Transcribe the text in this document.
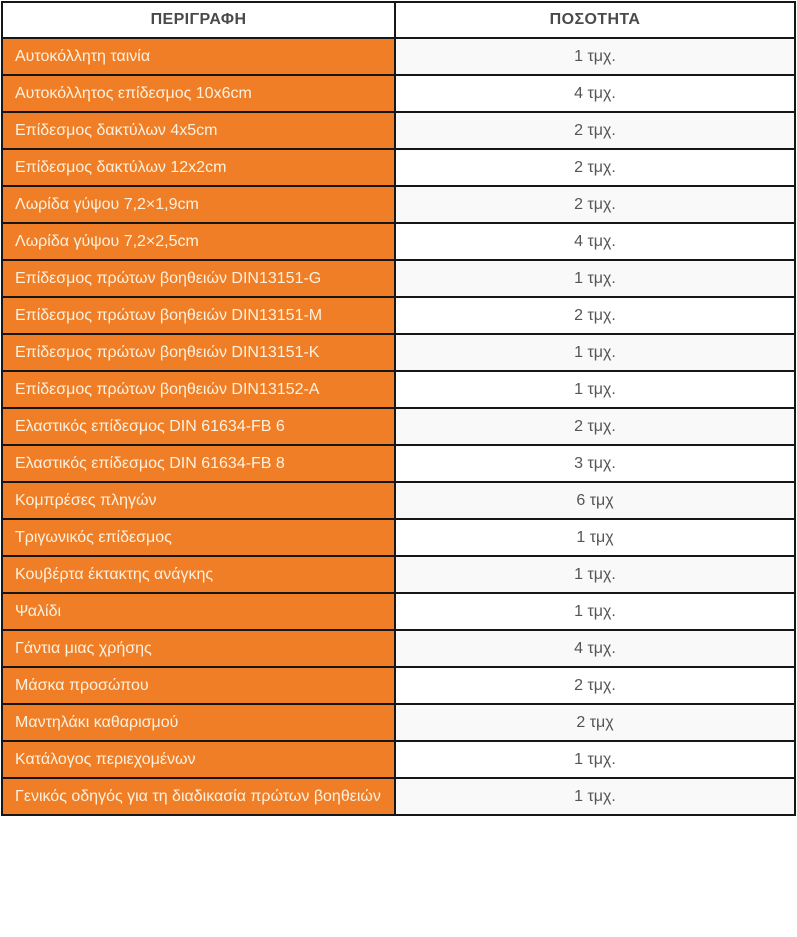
ΠΕΡΙΓΡΑΦΗ	ΠΟΣΟΤΗΤΑ
Αυτοκόλλητη ταινία	1 τμχ.
Αυτοκόλλητος επίδεσμος 10x6cm	4 τμχ.
Επίδεσμος δακτύλων 4x5cm	2 τμχ.
Επίδεσμος δακτύλων 12x2cm	2 τμχ.
Λωρίδα γύψου 7,2×1,9cm	2 τμχ.
Λωρίδα γύψου 7,2×2,5cm	4 τμχ.
Επίδεσμος πρώτων βοηθειών DIN13151-G	1 τμχ.
Επίδεσμος πρώτων βοηθειών DIN13151-M	2 τμχ.
Επίδεσμος πρώτων βοηθειών DIN13151-K	1 τμχ.
Επίδεσμος πρώτων βοηθειών DIN13152-A	1 τμχ.
Ελαστικός επίδεσμος DIN 61634-FB 6	2 τμχ.
Ελαστικός επίδεσμος DIN 61634-FB 8	3 τμχ.
Κομπρέσες πληγών	6 τμχ
Τριγωνικός επίδεσμος	1 τμχ
Κουβέρτα έκτακτης ανάγκης	1 τμχ.
Ψαλίδι	1 τμχ.
Γάντια μιας χρήσης	4 τμχ.
Μάσκα προσώπου	2 τμχ.
Μαντηλάκι καθαρισμού	2 τμχ
Κατάλογος περιεχομένων	1 τμχ.
Γενικός οδηγός για τη διαδικασία πρώτων βοηθειών	1 τμχ.
